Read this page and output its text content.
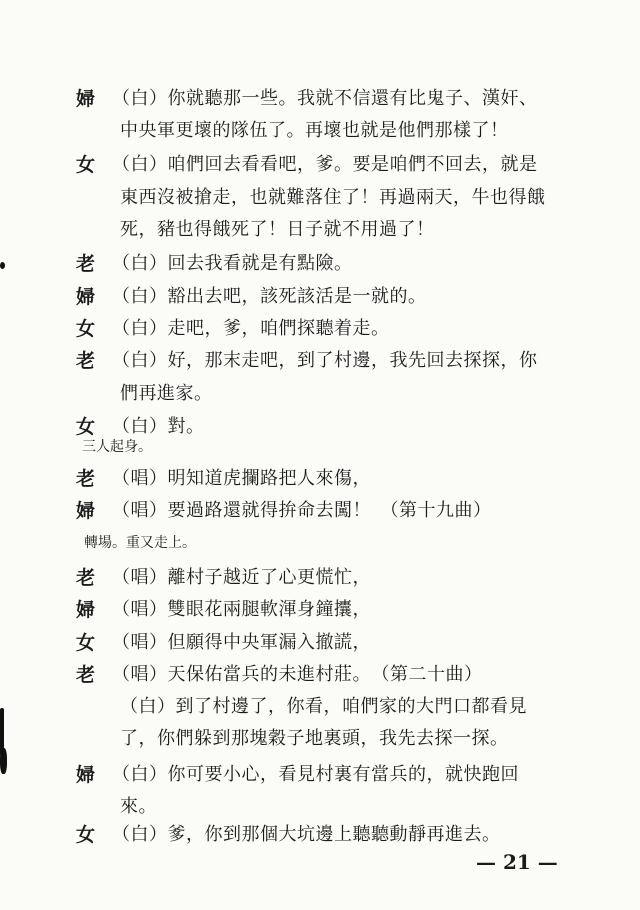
婦 （白）你就聽那一些。我就不信還有比鬼子、漢奸、
中央軍更壞的隊伍了。再壞也就是他們那樣了！
女 （白）咱們回去看看吧，爹。要是咱們不回去，就是
東西沒被搶走，也就難落住了！再過兩天，牛也得餓
死，豬也得餓死了！日子就不用過了！
老 （白）回去我看就是有點險。
婦 （白）豁出去吧，該死該活是一就的。
女 （白）走吧，爹，咱們探聽着走。
老 （白）好，那末走吧，到了村邊，我先回去探探，你
們再進家。
女 （白）對。
三人起身。
老 （唱）明知道虎攔路把人來傷，
婦 （唱）要過路還就得拚命去闖！　（第十九曲）
轉場。重又走上。
老 （唱）離村子越近了心更慌忙，
婦 （唱）雙眼花兩腿軟渾身鐘攮，
女 （唱）但願得中央軍漏入撤謊，
老 （唱）天保佑當兵的未進村莊。　（第二十曲）
（白）到了村邊了，你看，咱們家的大門口都看見
了，你們躲到那塊穀子地裏頭，我先去探一探。
婦 （白）你可要小心，看見村裏有當兵的，就快跑回
來。
女 （白）爹，你到那個大坑邊上聽聽動靜再進去。
— 21 —
